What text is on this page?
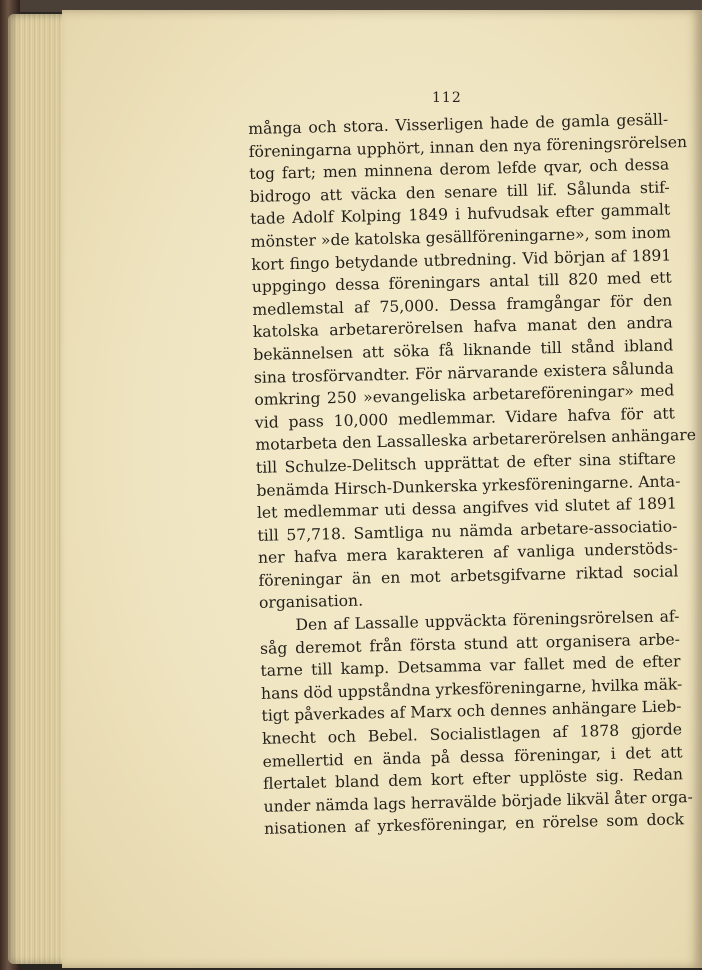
112
många och stora. Visserligen hade de gamla gesäll-
föreningarna upphört, innan den nya föreningsrörelsen
tog fart; men minnena derom lefde qvar, och dessa
bidrogo att väcka den senare till lif. Sålunda stif-
tade Adolf Kolping 1849 i hufvudsak efter gammalt
mönster »de katolska gesällföreningarne», som inom
kort fingo betydande utbredning. Vid början af 1891
uppgingo dessa föreningars antal till 820 med ett
medlemstal af 75,000. Dessa framgångar för den
katolska arbetarerörelsen hafva manat den andra
bekännelsen att söka få liknande till stånd ibland
sina trosförvandter. För närvarande existera sålunda
omkring 250 »evangeliska arbetareföreningar» med
vid pass 10,000 medlemmar. Vidare hafva för att
motarbeta den Lassalleska arbetarerörelsen anhängare
till Schulze-Delitsch upprättat de efter sina stiftare
benämda Hirsch-Dunkerska yrkesföreningarne. Anta-
let medlemmar uti dessa angifves vid slutet af 1891
till 57,718. Samtliga nu nämda arbetare-associatio-
ner hafva mera karakteren af vanliga understöds-
föreningar än en mot arbetsgifvarne riktad social
organisation.
Den af Lassalle uppväckta föreningsrörelsen af-
såg deremot från första stund att organisera arbe-
tarne till kamp. Detsamma var fallet med de efter
hans död uppståndna yrkesföreningarne, hvilka mäk-
tigt påverkades af Marx och dennes anhängare Lieb-
knecht och Bebel. Socialistlagen af 1878 gjorde
emellertid en ända på dessa föreningar, i det att
flertalet bland dem kort efter upplöste sig. Redan
under nämda lags herravälde började likväl åter orga-
nisationen af yrkesföreningar, en rörelse som dock
